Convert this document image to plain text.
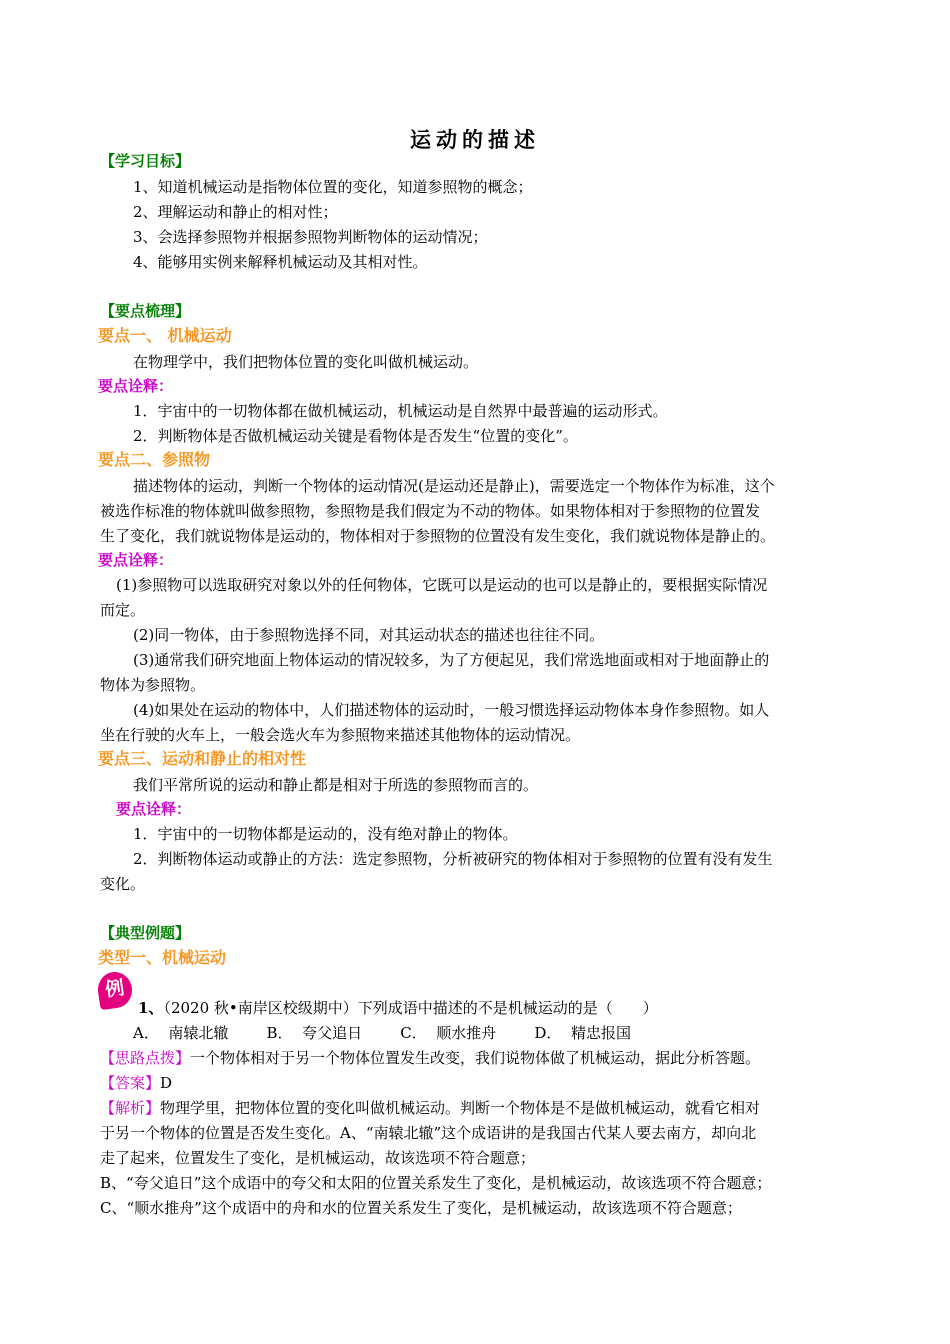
运动的描述
【学习目标】
1、知道机械运动是指物体位置的变化，知道参照物的概念；
2、理解运动和静止的相对性；
3、会选择参照物并根据参照物判断物体的运动情况；
4、能够用实例来解释机械运动及其相对性。
【要点梳理】
要点一、 机械运动
在物理学中，我们把物体位置的变化叫做机械运动。
要点诠释：
1．宇宙中的一切物体都在做机械运动，机械运动是自然界中最普遍的运动形式。
2．判断物体是否做机械运动关键是看物体是否发生“位置的变化”。
要点二、参照物
描述物体的运动，判断一个物体的运动情况(是运动还是静止)，需要选定一个物体作为标准，这个
被选作标准的物体就叫做参照物，参照物是我们假定为不动的物体。如果物体相对于参照物的位置发
生了变化，我们就说物体是运动的，物体相对于参照物的位置没有发生变化，我们就说物体是静止的。
要点诠释：
(1)参照物可以选取研究对象以外的任何物体，它既可以是运动的也可以是静止的，要根据实际情况
而定。
(2)同一物体，由于参照物选择不同，对其运动状态的描述也往往不同。
(3)通常我们研究地面上物体运动的情况较多，为了方便起见，我们常选地面或相对于地面静止的
物体为参照物。
(4)如果处在运动的物体中，人们描述物体的运动时，一般习惯选择运动物体本身作参照物。如人
坐在行驶的火车上，一般会选火车为参照物来描述其他物体的运动情况。
要点三、运动和静止的相对性
我们平常所说的运动和静止都是相对于所选的参照物而言的。
要点诠释：
1．宇宙中的一切物体都是运动的，没有绝对静止的物体。
2．判断物体运动或静止的方法：选定参照物，分析被研究的物体相对于参照物的位置有没有发生
变化。
【典型例题】
类型一、机械运动
例
1、（2020 秋•南岸区校级期中）下列成语中描述的不是机械运动的是（　　）
A．  南辕北辙        B．  夸父追日        C．  顺水推舟        D．  精忠报国
【思路点拨】一个物体相对于另一个物体位置发生改变，我们说物体做了机械运动，据此分析答题。
【答案】D
【解析】物理学里，把物体位置的变化叫做机械运动。判断一个物体是不是做机械运动，就看它相对
于另一个物体的位置是否发生变化。A、“南辕北辙”这个成语讲的是我国古代某人要去南方，却向北
走了起来，位置发生了变化，是机械运动，故该选项不符合题意；
B、“夸父追日”这个成语中的夸父和太阳的位置关系发生了变化，是机械运动，故该选项不符合题意；
C、“顺水推舟”这个成语中的舟和水的位置关系发生了变化，是机械运动，故该选项不符合题意；
